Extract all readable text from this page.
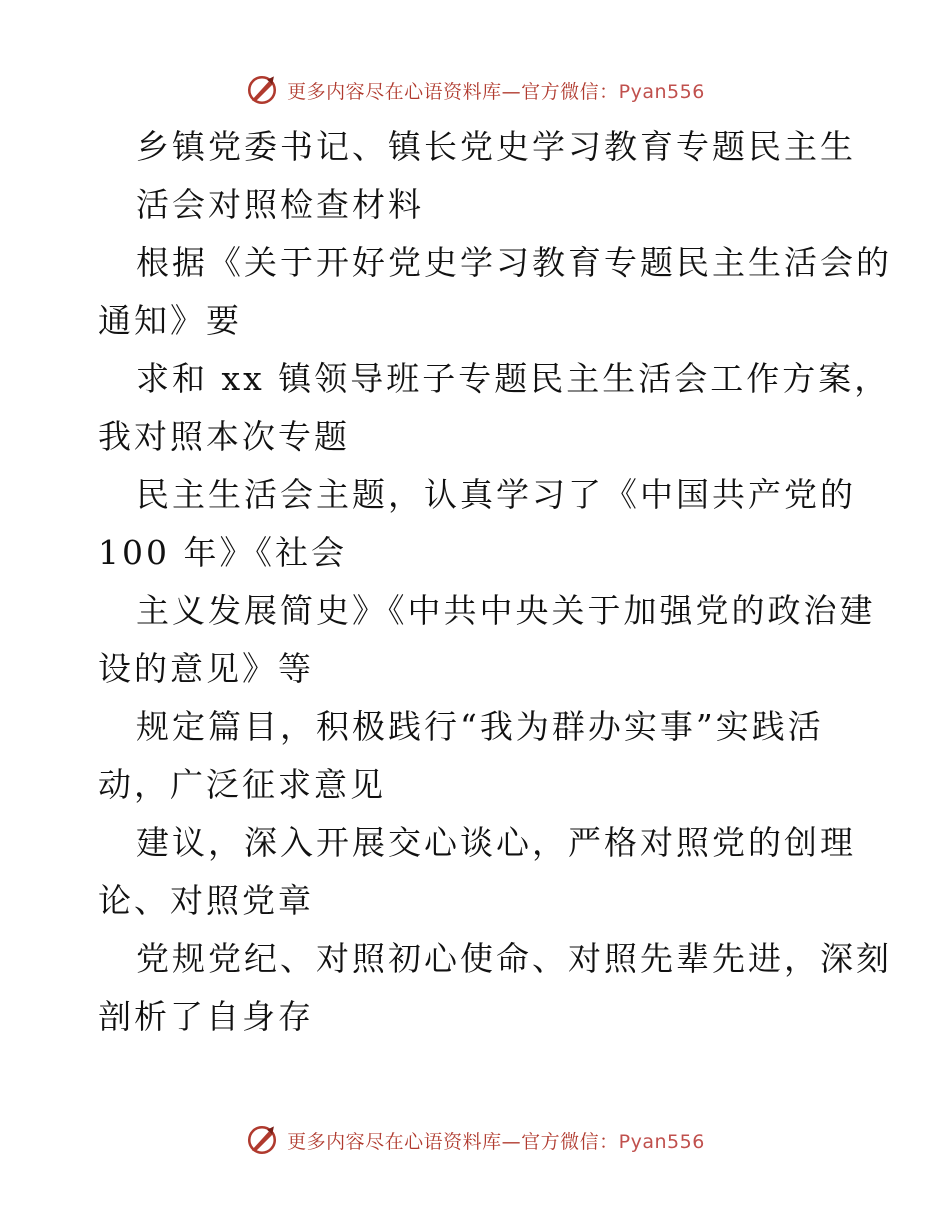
更多内容尽在心语资料库—官方微信：Pyan556
乡镇党委书记、镇长党史学习教育专题民主生
活会对照检查材料
根据《关于开好党史学习教育专题民主生活会的
通知》要
求和 xx 镇领导班子专题民主生活会工作方案，
我对照本次专题
民主生活会主题，认真学习了《中国共产党的
100 年》《社会
主义发展简史》《中共中央关于加强党的政治建
设的意见》等
规定篇目，积极践行“我为群办实事”实践活
动，广泛征求意见
建议，深入开展交心谈心，严格对照党的创理
论、对照党章
党规党纪、对照初心使命、对照先辈先进，深刻
剖析了自身存
更多内容尽在心语资料库—官方微信：Pyan556
